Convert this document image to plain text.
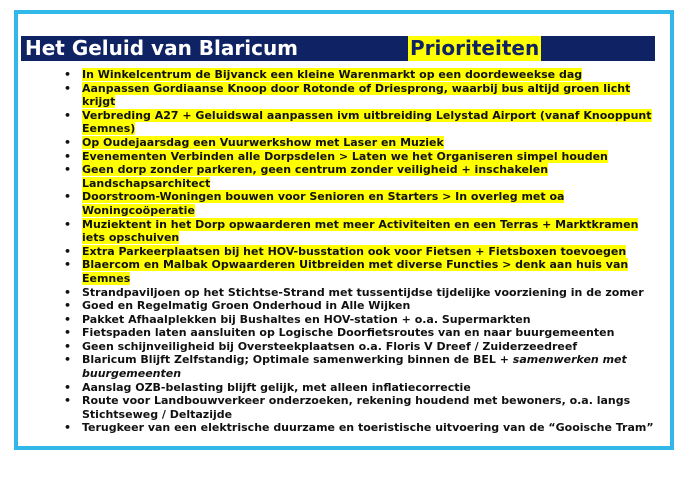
Het Geluid van Blaricum	Prioriteiten
• In Winkelcentrum de Bijvanck een kleine Warenmarkt op een doordeweekse dag
• Aanpassen Gordiaanse Knoop door Rotonde of Driesprong, waarbij bus altijd groen licht krijgt
• Verbreding A27 + Geluidswal aanpassen ivm uitbreiding Lelystad Airport (vanaf Knooppunt Eemnes)
• Op Oudejaarsdag een Vuurwerkshow met Laser en Muziek
• Evenementen Verbinden alle Dorpsdelen > Laten we het Organiseren simpel houden
• Geen dorp zonder parkeren, geen centrum zonder veiligheid + inschakelen Landschapsarchitect
• Doorstroom-Woningen bouwen voor Senioren en Starters > In overleg met oa Woningcoöperatie
• Muziektent in het Dorp opwaarderen met meer Activiteiten en een Terras + Marktkramen iets opschuiven
• Extra Parkeerplaatsen bij het HOV-busstation ook voor Fietsen + Fietsboxen toevoegen
• Blaercom en Malbak Opwaarderen Uitbreiden met diverse Functies > denk aan huis van Eemnes
• Strandpaviljoen op het Stichtse-Strand met tussentijdse tijdelijke voorziening in de zomer
• Goed en Regelmatig Groen Onderhoud in Alle Wijken
• Pakket Afhaalplekken bij Bushaltes en HOV-station + o.a. Supermarkten
• Fietspaden laten aansluiten op Logische Doorfietsroutes van en naar buurgemeenten
• Geen schijnveiligheid bij Oversteekplaatsen o.a. Floris V Dreef / Zuiderzeedreef
• Blaricum Blijft Zelfstandig; Optimale samenwerking binnen de BEL + samenwerken met buurgemeenten
• Aanslag OZB-belasting blijft gelijk, met alleen inflatiecorrectie
• Route voor Landbouwverkeer onderzoeken, rekening houdend met bewoners, o.a. langs Stichtseweg / Deltazijde
• Terugkeer van een elektrische duurzame en toeristische uitvoering van de “Gooische Tram”
